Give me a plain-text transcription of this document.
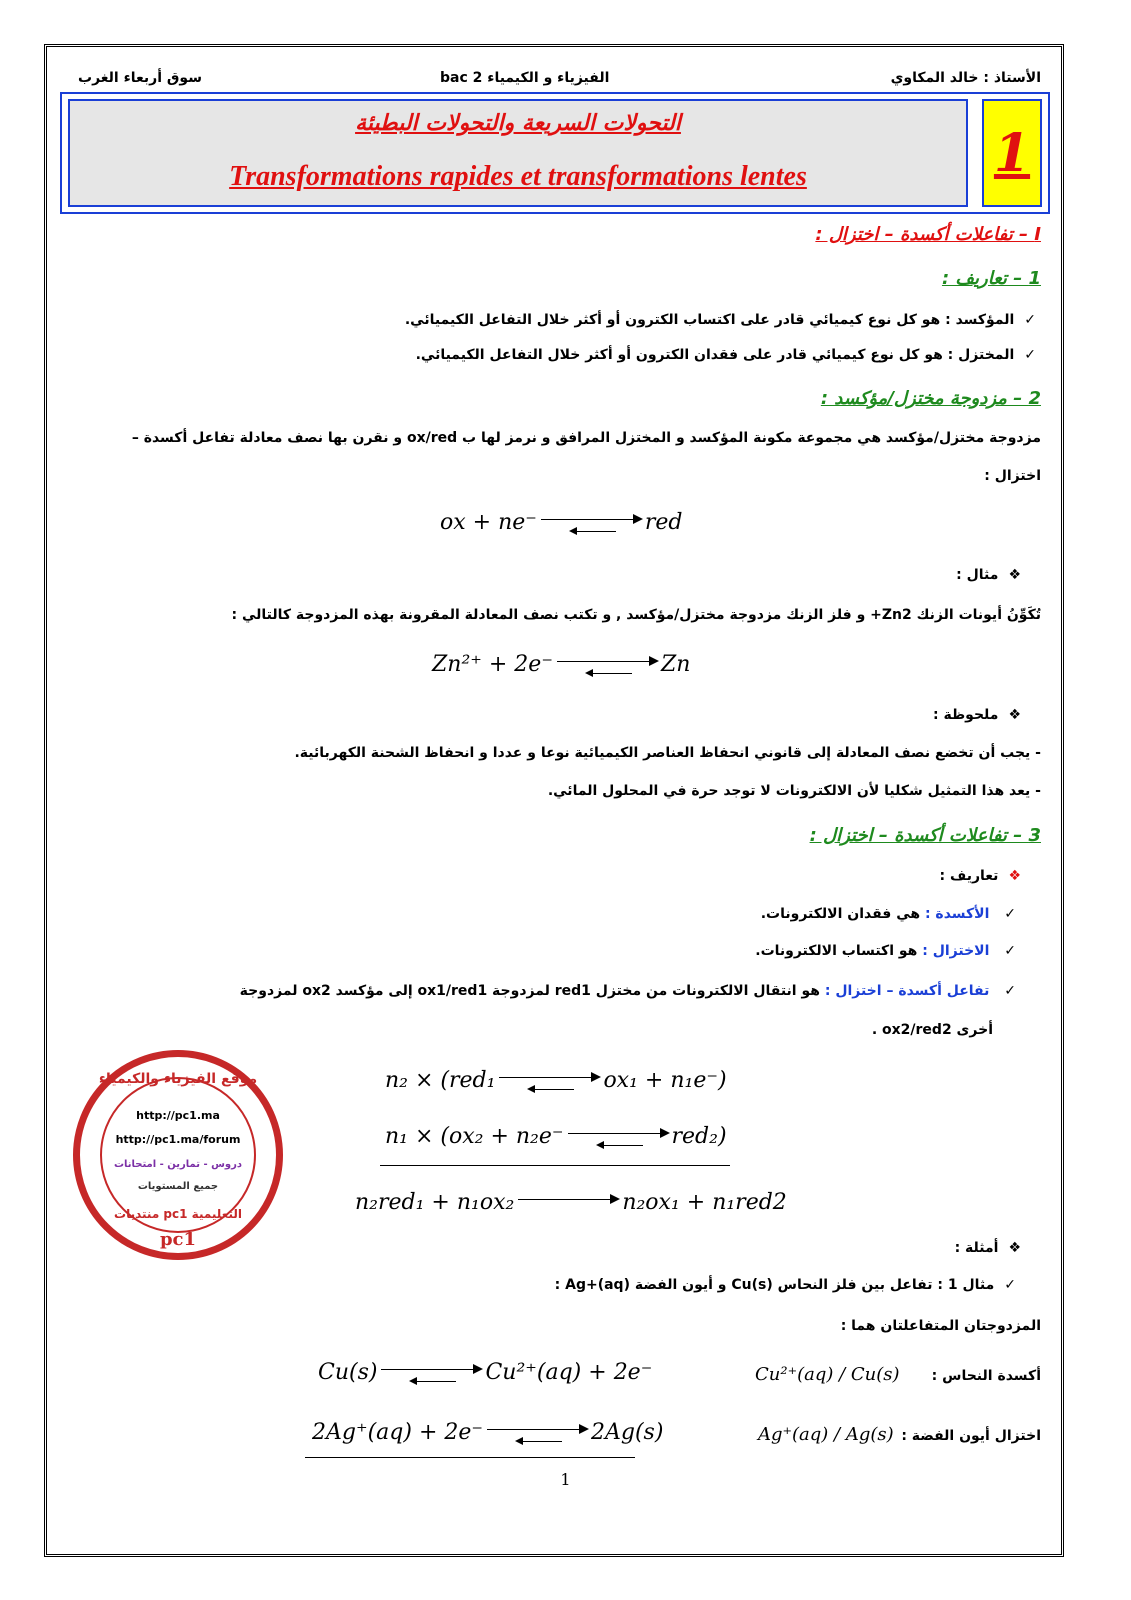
الأستاذ : خالد المكاوي
الفيزياء و الكيمياء 2 bac
سوق أربعاء الغرب
التحولات السريعة والتحولات البطيئة
Transformations rapides et transformations lentes	1
I – تفاعلات أكسدة – اختزال :
1 – تعاريف :
✓ المؤكسد : هو كل نوع كيميائي قادر على اكتساب الكترون أو أكثر خلال التفاعل الكيميائي.
✓ المختزل : هو كل نوع كيميائي قادر على فقدان الكترون أو أكثر خلال التفاعل الكيميائي.
2 – مزدوجة مختزل/مؤكسد :
مزدوجة مختزل/مؤكسد هي مجموعة مكونة المؤكسد و المختزل المرافق و نرمز لها ب ox/red و نقرن بها نصف معادلة تفاعل أكسدة –
اختزال :
ox + ne⁻	red
❖ مثال :
تُكَوِّنُ أيونات الزنك Zn2+ و فلز الزنك مزدوجة مختزل/مؤكسد , و تكتب نصف المعادلة المقرونة بهذه المزدوجة كالتالي :
Zn²⁺ + 2e⁻	Zn
❖ ملحوظة :
- يجب أن تخضع نصف المعادلة إلى قانوني انحفاظ العناصر الكيميائية نوعا و عددا و انحفاظ الشحنة الكهربائية.
- يعد هذا التمثيل شكليا لأن الالكترونات لا توجد حرة في المحلول المائي.
3 – تفاعلات أكسدة – اختزال :
❖ تعاريف :
✓ الأكسدة : هي فقدان الالكترونات.
✓ الاختزال : هو اكتساب الالكترونات.
✓ تفاعل أكسدة – اختزال : هو انتقال الالكترونات من مختزل red1 لمزدوجة ox1/red1 إلى مؤكسد ox2 لمزدوجة
أخرى ox2/red2 .
n₂ × (red₁	ox₁ + n₁e⁻)
n₁ × (ox₂ + n₂e⁻	red₂)
n₂red₁ + n₁ox₂	n₂ox₁ + n₁red2
موقع الفيزياء والكيمياء
http://pc1.ma
http://pc1.ma/forum
دروس - تمارين - امتحانات
جميع المستويات
منتديات pc1 التعليمية
pc1	❖ أمثلة :
✓ مثال 1 : تفاعل بين فلز النحاس Cu(s) و أيون الفضة Ag+(aq) :
المزدوجتان المتفاعلتان هما :
أكسدة النحاس :
Cu²⁺(aq) / Cu(s)
Cu(s)	Cu²⁺(aq) + 2e⁻
اختزال أيون الفضة :
Ag⁺(aq) / Ag(s)
2Ag⁺(aq) + 2e⁻	2Ag(s)
1
